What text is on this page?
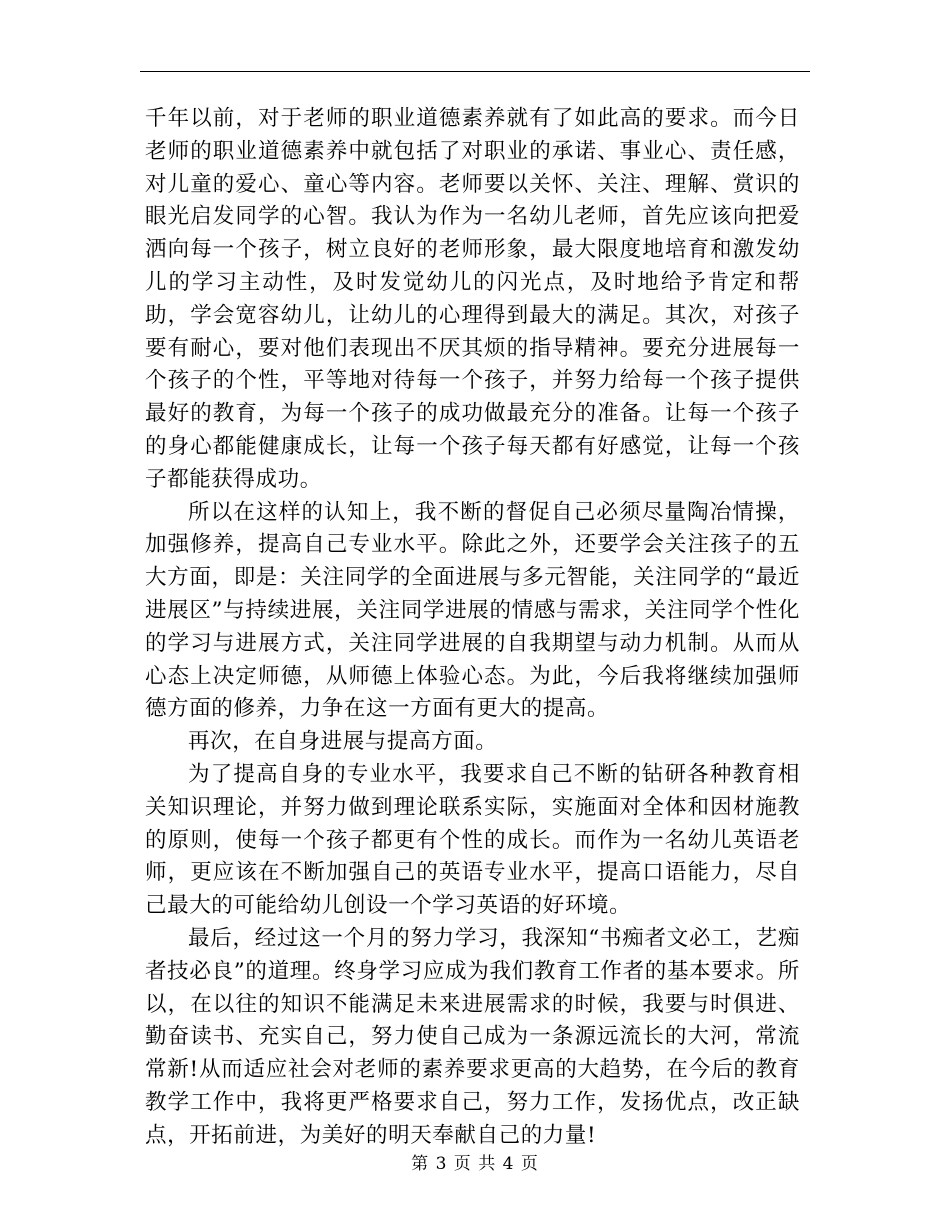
千年以前，对于老师的职业道德素养就有了如此高的要求。而今日老师的职业道德素养中就包括了对职业的承诺、事业心、责任感，对儿童的爱心、童心等内容。老师要以关怀、关注、理解、赏识的眼光启发同学的心智。我认为作为一名幼儿老师，首先应该向把爱洒向每一个孩子，树立良好的老师形象，最大限度地培育和激发幼儿的学习主动性，及时发觉幼儿的闪光点，及时地给予肯定和帮助，学会宽容幼儿，让幼儿的心理得到最大的满足。其次，对孩子要有耐心，要对他们表现出不厌其烦的指导精神。要充分进展每一个孩子的个性，平等地对待每一个孩子，并努力给每一个孩子提供最好的教育，为每一个孩子的成功做最充分的准备。让每一个孩子的身心都能健康成长，让每一个孩子每天都有好感觉，让每一个孩子都能获得成功。

所以在这样的认知上，我不断的督促自己必须尽量陶冶情操，加强修养，提高自己专业水平。除此之外，还要学会关注孩子的五大方面，即是：关注同学的全面进展与多元智能，关注同学的“最近进展区”与持续进展，关注同学进展的情感与需求，关注同学个性化的学习与进展方式，关注同学进展的自我期望与动力机制。从而从心态上决定师德，从师德上体验心态。为此，今后我将继续加强师德方面的修养，力争在这一方面有更大的提高。

再次，在自身进展与提高方面。

为了提高自身的专业水平，我要求自己不断的钻研各种教育相关知识理论，并努力做到理论联系实际，实施面对全体和因材施教的原则，使每一个孩子都更有个性的成长。而作为一名幼儿英语老师，更应该在不断加强自己的英语专业水平，提高口语能力，尽自己最大的可能给幼儿创设一个学习英语的好环境。

最后，经过这一个月的努力学习，我深知“书痴者文必工，艺痴者技必良”的道理。终身学习应成为我们教育工作者的基本要求。所以，在以往的知识不能满足未来进展需求的时候，我要与时俱进、勤奋读书、充实自己，努力使自己成为一条源远流长的大河，常流常新!从而适应社会对老师的素养要求更高的大趋势，在今后的教育教学工作中，我将更严格要求自己，努力工作，发扬优点，改正缺点，开拓前进，为美好的明天奉献自己的力量!

第 3 页 共 4 页
